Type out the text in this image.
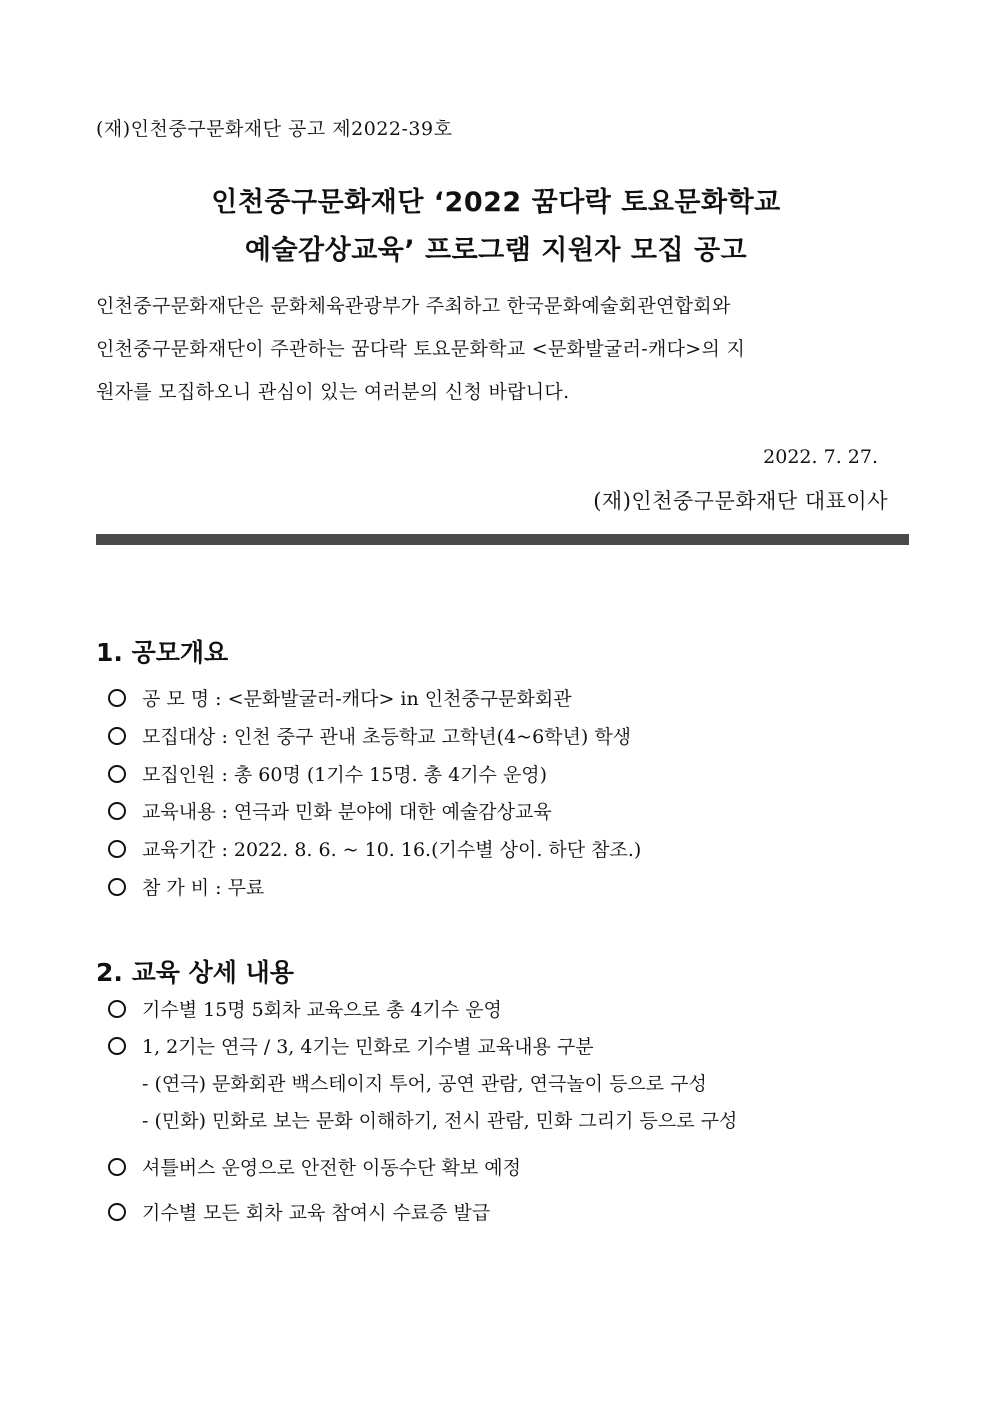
(재)인천중구문화재단 공고 제2022-39호
인천중구문화재단 ‘2022 꿈다락 토요문화학교
예술감상교육’ 프로그램 지원자 모집 공고
인천중구문화재단은 문화체육관광부가 주최하고 한국문화예술회관연합회와
인천중구문화재단이 주관하는 꿈다락 토요문화학교 <문화발굴러-캐다>의 지
원자를 모집하오니 관심이 있는 여러분의 신청 바랍니다.
2022. 7. 27.
(재)인천중구문화재단 대표이사
1. 공모개요
공 모 명 : <문화발굴러-캐다> in 인천중구문화회관
모집대상 : 인천 중구 관내 초등학교 고학년(4~6학년) 학생
모집인원 : 총 60명 (1기수 15명. 총 4기수 운영)
교육내용 : 연극과 민화 분야에 대한 예술감상교육
교육기간 : 2022. 8. 6. ~ 10. 16.(기수별 상이. 하단 참조.)
참 가 비 : 무료
2. 교육 상세 내용
기수별 15명 5회차 교육으로 총 4기수 운영
1, 2기는 연극 / 3, 4기는 민화로 기수별 교육내용 구분
- (연극) 문화회관 백스테이지 투어, 공연 관람, 연극놀이 등으로 구성
- (민화) 민화로 보는 문화 이해하기, 전시 관람, 민화 그리기 등으로 구성
셔틀버스 운영으로 안전한 이동수단 확보 예정
기수별 모든 회차 교육 참여시 수료증 발급
